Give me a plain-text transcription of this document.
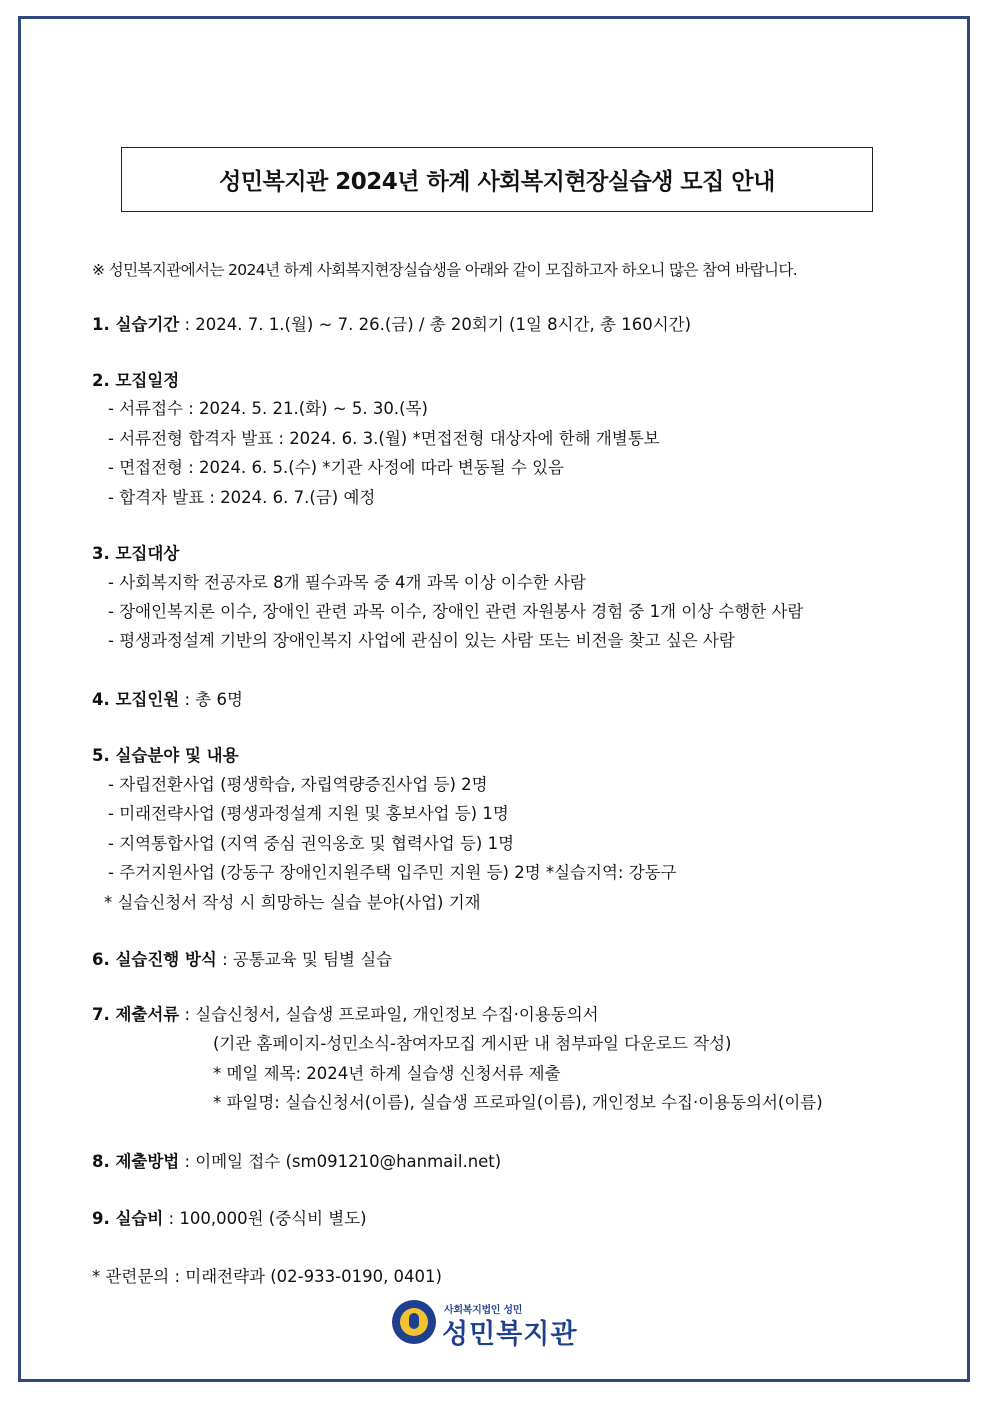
성민복지관 2024년 하계 사회복지현장실습생 모집 안내
※ 성민복지관에서는 2024년 하계 사회복지현장실습생을 아래와 같이 모집하고자 하오니 많은 참여 바랍니다.
1. 실습기간 : 2024. 7. 1.(월) ~ 7. 26.(금) / 총 20회기 (1일 8시간, 총 160시간)
2. 모집일정
- 서류접수 : 2024. 5. 21.(화) ~ 5. 30.(목)
- 서류전형 합격자 발표 : 2024. 6. 3.(월) *면접전형 대상자에 한해 개별통보
- 면접전형 : 2024. 6. 5.(수) *기관 사정에 따라 변동될 수 있음
- 합격자 발표 : 2024. 6. 7.(금) 예정
3. 모집대상
- 사회복지학 전공자로 8개 필수과목 중 4개 과목 이상 이수한 사람
- 장애인복지론 이수, 장애인 관련 과목 이수, 장애인 관련 자원봉사 경험 중 1개 이상 수행한 사람
- 평생과정설계 기반의 장애인복지 사업에 관심이 있는 사람 또는 비전을 찾고 싶은 사람
4. 모집인원 : 총 6명
5. 실습분야 및 내용
- 자립전환사업 (평생학습, 자립역량증진사업 등) 2명
- 미래전략사업 (평생과정설계 지원 및 홍보사업 등) 1명
- 지역통합사업 (지역 중심 권익옹호 및 협력사업 등) 1명
- 주거지원사업 (강동구 장애인지원주택 입주민 지원 등) 2명 *실습지역: 강동구
* 실습신청서 작성 시 희망하는 실습 분야(사업) 기재
6. 실습진행 방식 : 공통교육 및 팀별 실습
7. 제출서류 : 실습신청서, 실습생 프로파일, 개인정보 수집·이용동의서
(기관 홈페이지-성민소식-참여자모집 게시판 내 첨부파일 다운로드 작성)
* 메일 제목: 2024년 하계 실습생 신청서류 제출
* 파일명: 실습신청서(이름), 실습생 프로파일(이름), 개인정보 수집·이용동의서(이름)
8. 제출방법 : 이메일 접수 (sm091210@hanmail.net)
9. 실습비 : 100,000원 (중식비 별도)
* 관련문의 : 미래전략과 (02-933-0190, 0401)
사회복지법인 성민
성민복지관
